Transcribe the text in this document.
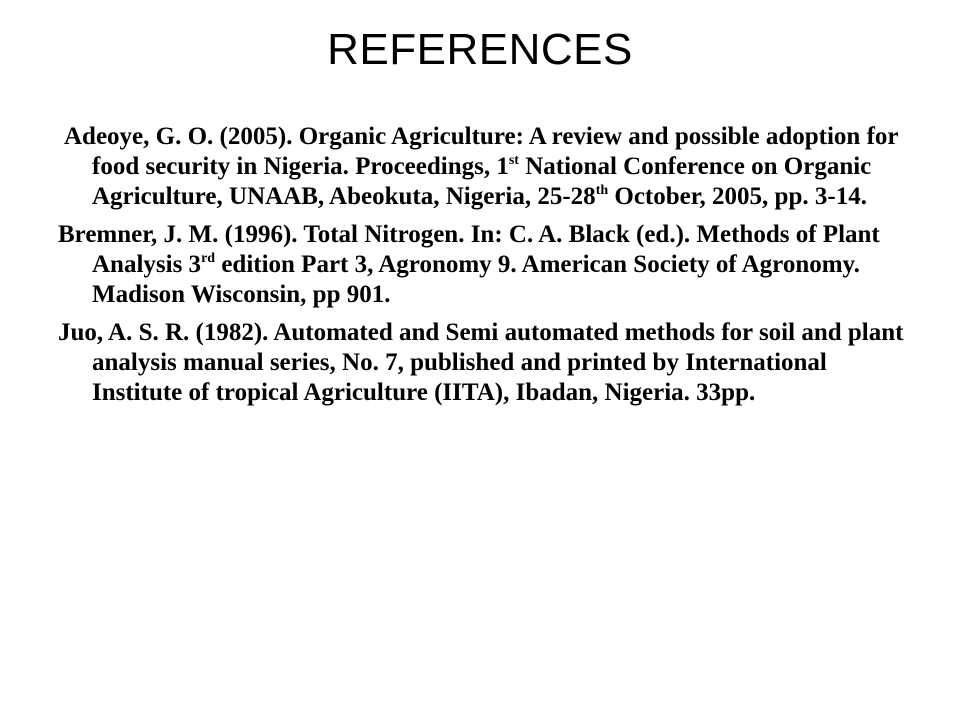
REFERENCES

Adeoye, G. O. (2005). Organic Agriculture: A review and possible adoption for food security in Nigeria. Proceedings, 1st National Conference on Organic Agriculture, UNAAB, Abeokuta, Nigeria, 25-28th October, 2005, pp. 3-14.

Bremner, J. M. (1996). Total Nitrogen. In: C. A. Black (ed.). Methods of Plant Analysis 3rd edition Part 3, Agronomy 9. American Society of Agronomy. Madison Wisconsin, pp 901.

Juo, A. S. R. (1982). Automated and Semi automated methods for soil and plant analysis manual series, No. 7, published and printed by International Institute of tropical Agriculture (IITA), Ibadan, Nigeria. 33pp.
